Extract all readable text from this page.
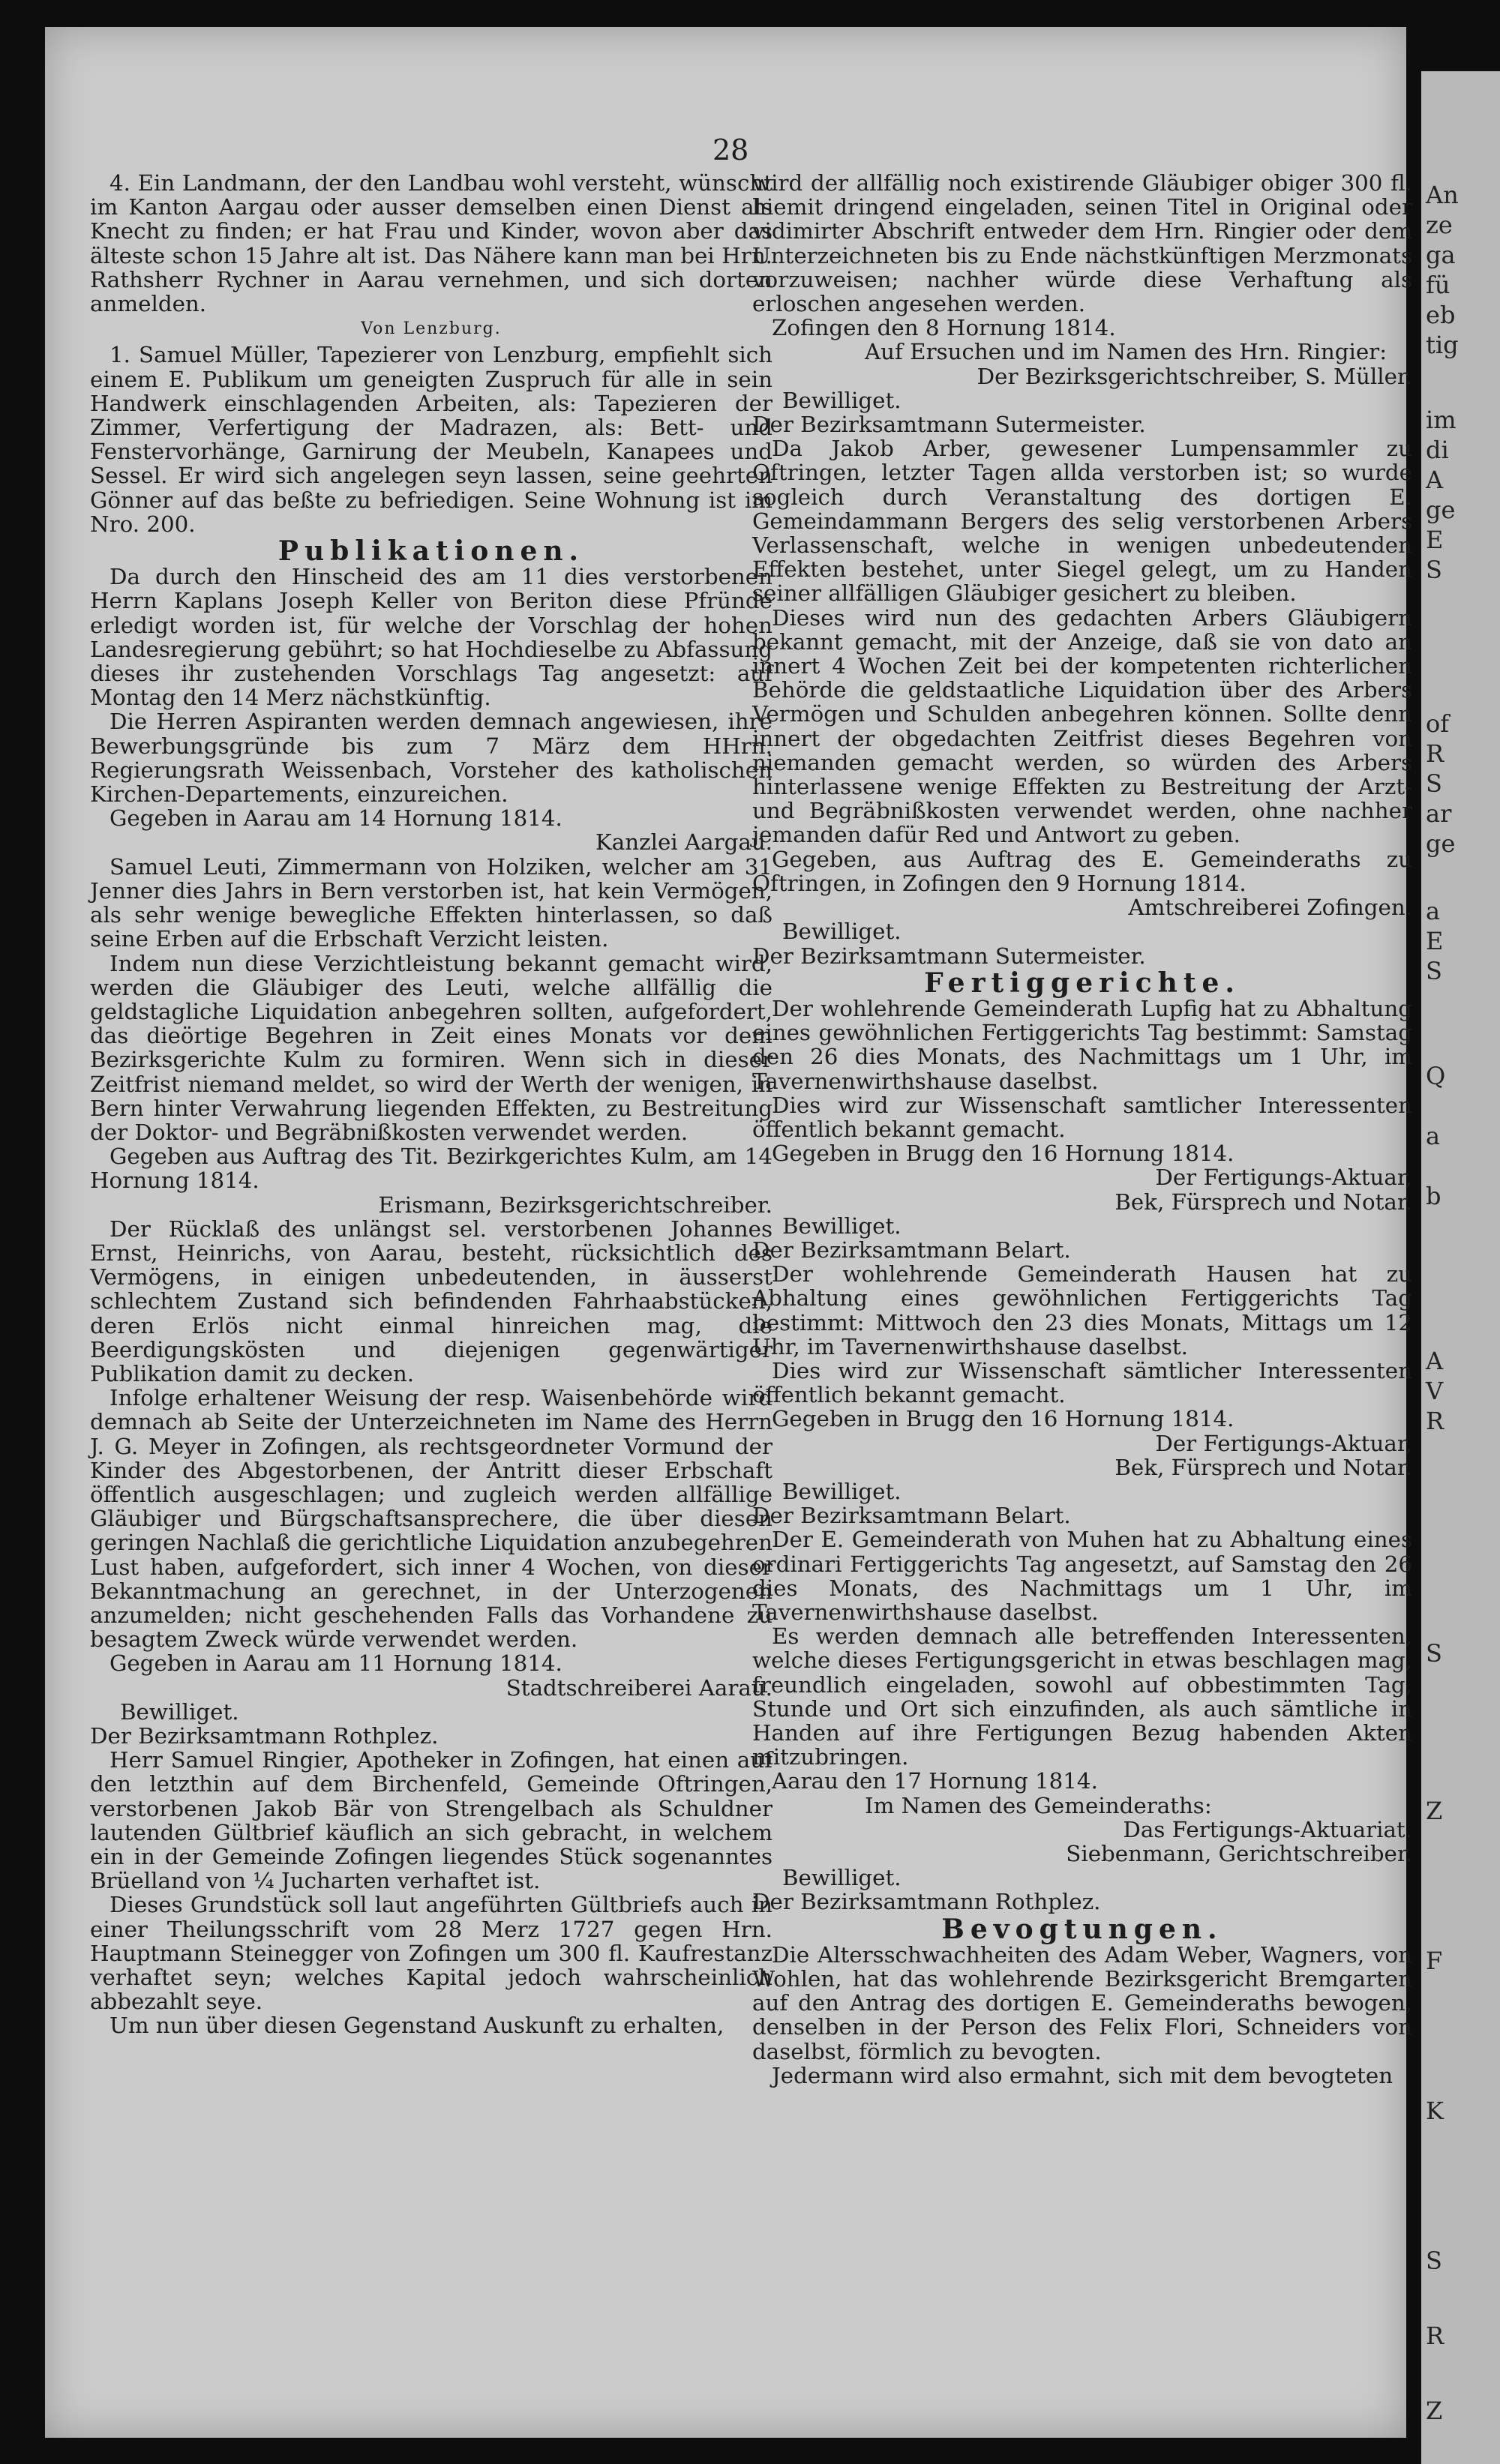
An
ze
ga
fü
eb
tig
im
di
A
ge
E
S
of
R
S
ar
ge
a
E
S
Q
a
b
A
V
R
S
Z
F
K
S
R
Z
28

4. Ein Landmann, der den Landbau wohl versteht, wünscht im Kanton Aargau oder ausser demselben einen Dienst als Knecht zu finden; er hat Frau und Kinder, wovon aber das älteste schon 15 Jahre alt ist. Das Nähere kann man bei Hrn. Rathsherr Rychner in Aarau vernehmen, und sich dorten anmelden.

Von Lenzburg.

1. Samuel Müller, Tapezierer von Lenzburg, empfiehlt sich einem E. Publikum um geneigten Zuspruch für alle in sein Handwerk einschlagenden Arbeiten, als: Tapezieren der Zimmer, Verfertigung der Madrazen, als: Bett- und Fenstervorhänge, Garnirung der Meubeln, Kanapees und Sessel. Er wird sich angelegen seyn lassen, seine geehrten Gönner auf das beßte zu befriedigen. Seine Wohnung ist im Nro. 200.

Publikationen.

Da durch den Hinscheid des am 11 dies verstorbenen Herrn Kaplans Joseph Keller von Beriton diese Pfründe erledigt worden ist, für welche der Vorschlag der hohen Landesregierung gebührt; so hat Hochdieselbe zu Abfassung dieses ihr zustehenden Vorschlags Tag angesetzt: auf Montag den 14 Merz nächstkünftig.

Die Herren Aspiranten werden demnach angewiesen, ihre Bewerbungsgründe bis zum 7 März dem HHrn. Regierungsrath Weissenbach, Vorsteher des katholischen Kirchen-Departements, einzureichen.

Gegeben in Aarau am 14 Hornung 1814.

Kanzlei Aargau.

Samuel Leuti, Zimmermann von Holziken, welcher am 31 Jenner dies Jahrs in Bern verstorben ist, hat kein Vermögen, als sehr wenige bewegliche Effekten hinterlassen, so daß seine Erben auf die Erbschaft Verzicht leisten.

Indem nun diese Verzichtleistung bekannt gemacht wird, werden die Gläubiger des Leuti, welche allfällig die geldstagliche Liquidation anbegehren sollten, aufgefordert, das dieörtige Begehren in Zeit eines Monats vor dem Bezirksgerichte Kulm zu formiren. Wenn sich in dieser Zeitfrist niemand meldet, so wird der Werth der wenigen, in Bern hinter Verwahrung liegenden Effekten, zu Bestreitung der Doktor- und Begräbnißkosten verwendet werden.

Gegeben aus Auftrag des Tit. Bezirkgerichtes Kulm, am 14 Hornung 1814.

Erismann, Bezirksgerichtschreiber.

Der Rücklaß des unlängst sel. verstorbenen Johannes Ernst, Heinrichs, von Aarau, besteht, rücksichtlich des Vermögens, in einigen unbedeutenden, in äusserst schlechtem Zustand sich befindenden Fahrhaabstücken, deren Erlös nicht einmal hinreichen mag, die Beerdigungskösten und diejenigen gegenwärtiger Publikation damit zu decken.

Infolge erhaltener Weisung der resp. Waisenbehörde wird demnach ab Seite der Unterzeichneten im Name des Herrn J. G. Meyer in Zofingen, als rechtsgeordneter Vormund der Kinder des Abgestorbenen, der Antritt dieser Erbschaft öffentlich ausgeschlagen; und zugleich werden allfällige Gläubiger und Bürgschaftsansprechere, die über diesen geringen Nachlaß die gerichtliche Liquidation anzubegehren Lust haben, aufgefordert, sich inner 4 Wochen, von dieser Bekanntmachung an gerechnet, in der Unterzogenen anzumelden; nicht geschehenden Falls das Vorhandene zu besagtem Zweck würde verwendet werden.

Gegeben in Aarau am 11 Hornung 1814.

Stadtschreiberei Aarau.

Bewilliget.

Der Bezirksamtmann Rothplez.

Herr Samuel Ringier, Apotheker in Zofingen, hat einen auf den letzthin auf dem Birchenfeld, Gemeinde Oftringen, verstorbenen Jakob Bär von Strengelbach als Schuldner lautenden Gültbrief käuflich an sich gebracht, in welchem ein in der Gemeinde Zofingen liegendes Stück sogenanntes Brüelland von ¼ Jucharten verhaftet ist.

Dieses Grundstück soll laut angeführten Gültbriefs auch in einer Theilungsschrift vom 28 Merz 1727 gegen Hrn. Hauptmann Steinegger von Zofingen um 300 fl. Kaufrestanz verhaftet seyn; welches Kapital jedoch wahrscheinlich abbezahlt seye.

Um nun über diesen Gegenstand Auskunft zu erhalten,

wird der allfällig noch existirende Gläubiger obiger 300 fl. hiemit dringend eingeladen, seinen Titel in Original oder vidimirter Abschrift entweder dem Hrn. Ringier oder dem Unterzeichneten bis zu Ende nächstkünftigen Merzmonats vorzuweisen; nachher würde diese Verhaftung als erloschen angesehen werden.

Zofingen den 8 Hornung 1814.

Auf Ersuchen und im Namen des Hrn. Ringier:

Der Bezirksgerichtschreiber, S. Müller.

Bewilliget.

Der Bezirksamtmann Sutermeister.

Da Jakob Arber, gewesener Lumpensammler zu Oftringen, letzter Tagen allda verstorben ist; so wurde sogleich durch Veranstaltung des dortigen E. Gemeindammann Bergers des selig verstorbenen Arbers Verlassenschaft, welche in wenigen unbedeutenden Effekten bestehet, unter Siegel gelegt, um zu Handen seiner allfälligen Gläubiger gesichert zu bleiben.

Dieses wird nun des gedachten Arbers Gläubigern bekannt gemacht, mit der Anzeige, daß sie von dato an innert 4 Wochen Zeit bei der kompetenten richterlichen Behörde die geldstaatliche Liquidation über des Arbers Vermögen und Schulden anbegehren können. Sollte denn innert der obgedachten Zeitfrist dieses Begehren von niemanden gemacht werden, so würden des Arbers hinterlassene wenige Effekten zu Bestreitung der Arzt- und Begräbnißkosten verwendet werden, ohne nachher jemanden dafür Red und Antwort zu geben.

Gegeben, aus Auftrag des E. Gemeinderaths zu Oftringen, in Zofingen den 9 Hornung 1814.

Amtschreiberei Zofingen.

Bewilliget.

Der Bezirksamtmann Sutermeister.

Fertiggerichte.

Der wohlehrende Gemeinderath Lupfig hat zu Abhaltung eines gewöhnlichen Fertiggerichts Tag bestimmt: Samstag den 26 dies Monats, des Nachmittags um 1 Uhr, im Tavernenwirthshause daselbst.

Dies wird zur Wissenschaft samtlicher Interessenten öffentlich bekannt gemacht.

Gegeben in Brugg den 16 Hornung 1814.

Der Fertigungs-Aktuar,

Bek, Fürsprech und Notar.

Bewilliget.

Der Bezirksamtmann Belart.

Der wohlehrende Gemeinderath Hausen hat zu Abhaltung eines gewöhnlichen Fertiggerichts Tag bestimmt: Mittwoch den 23 dies Monats, Mittags um 12 Uhr, im Tavernenwirthshause daselbst.

Dies wird zur Wissenschaft sämtlicher Interessenten öffentlich bekannt gemacht.

Gegeben in Brugg den 16 Hornung 1814.

Der Fertigungs-Aktuar,

Bek, Fürsprech und Notar.

Bewilliget.

Der Bezirksamtmann Belart.

Der E. Gemeinderath von Muhen hat zu Abhaltung eines ordinari Fertiggerichts Tag angesetzt, auf Samstag den 26 dies Monats, des Nachmittags um 1 Uhr, im Tavernenwirthshause daselbst.

Es werden demnach alle betreffenden Interessenten, welche dieses Fertigungsgericht in etwas beschlagen mag, freundlich eingeladen, sowohl auf obbestimmten Tag, Stunde und Ort sich einzufinden, als auch sämtliche in Handen auf ihre Fertigungen Bezug habenden Akten mitzubringen.

Aarau den 17 Hornung 1814.

Im Namen des Gemeinderaths:

Das Fertigungs-Aktuariat.

Siebenmann, Gerichtschreiber.

Bewilliget.

Der Bezirksamtmann Rothplez.

Bevogtungen.

Die Altersschwachheiten des Adam Weber, Wagners, von Wohlen, hat das wohlehrende Bezirksgericht Bremgarten auf den Antrag des dortigen E. Gemeinderaths bewogen, denselben in der Person des Felix Flori, Schneiders von daselbst, förmlich zu bevogten.

Jedermann wird also ermahnt, sich mit dem bevogteten
